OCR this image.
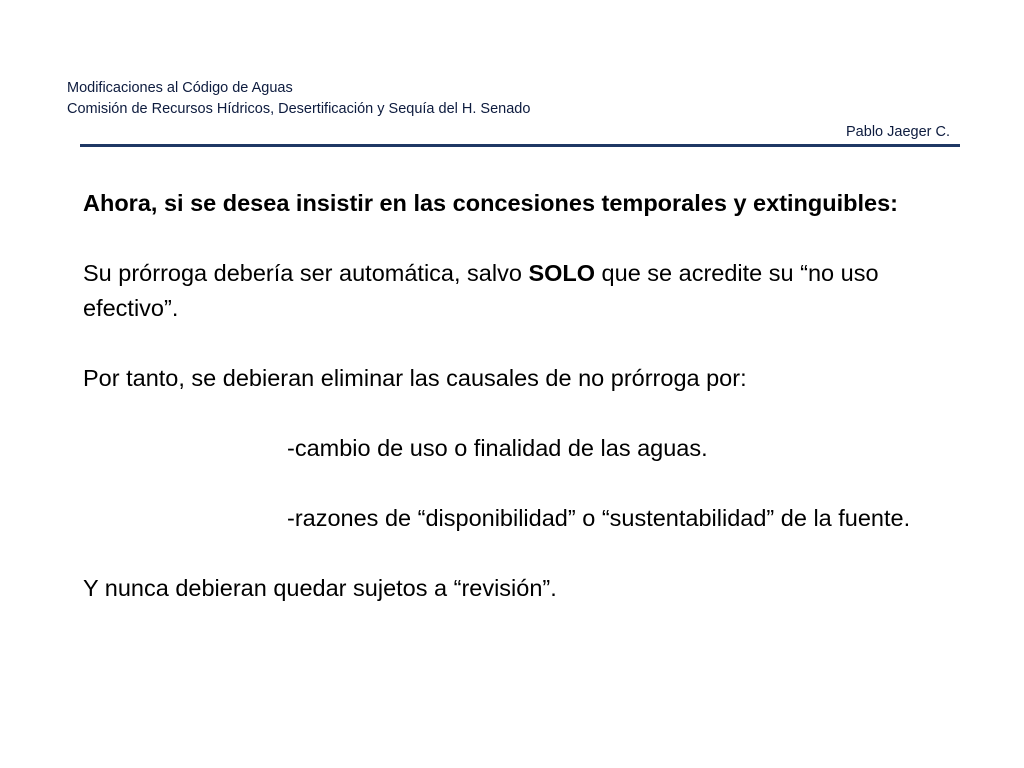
Modificaciones al Código de Aguas
Comisión de Recursos Hídricos, Desertificación y Sequía del H. Senado
Pablo Jaeger C.

Ahora, si se desea insistir en las concesiones temporales y extinguibles:

Su prórroga debería ser automática, salvo SOLO que se acredite su “no uso efectivo”.

Por tanto, se debieran eliminar las causales de no prórroga por:

-cambio de uso o finalidad de las aguas.

-razones de “disponibilidad” o “sustentabilidad” de la fuente.

Y nunca debieran quedar sujetos a “revisión”.
